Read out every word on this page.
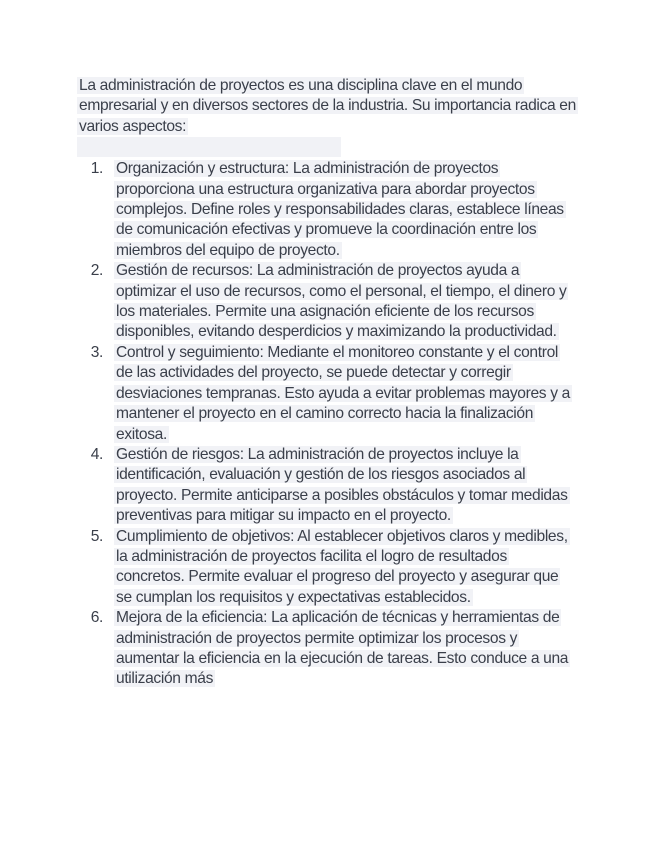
La administración de proyectos es una disciplina clave en el mundo empresarial y en diversos sectores de la industria. Su importancia radica en varios aspectos:

1. Organización y estructura: La administración de proyectos proporciona una estructura organizativa para abordar proyectos complejos. Define roles y responsabilidades claras, establece líneas de comunicación efectivas y promueve la coordinación entre los miembros del equipo de proyecto.
2. Gestión de recursos: La administración de proyectos ayuda a optimizar el uso de recursos, como el personal, el tiempo, el dinero y los materiales. Permite una asignación eficiente de los recursos disponibles, evitando desperdicios y maximizando la productividad.
3. Control y seguimiento: Mediante el monitoreo constante y el control de las actividades del proyecto, se puede detectar y corregir desviaciones tempranas. Esto ayuda a evitar problemas mayores y a mantener el proyecto en el camino correcto hacia la finalización exitosa.
4. Gestión de riesgos: La administración de proyectos incluye la identificación, evaluación y gestión de los riesgos asociados al proyecto. Permite anticiparse a posibles obstáculos y tomar medidas preventivas para mitigar su impacto en el proyecto.
5. Cumplimiento de objetivos: Al establecer objetivos claros y medibles, la administración de proyectos facilita el logro de resultados concretos. Permite evaluar el progreso del proyecto y asegurar que se cumplan los requisitos y expectativas establecidos.
6. Mejora de la eficiencia: La aplicación de técnicas y herramientas de administración de proyectos permite optimizar los procesos y aumentar la eficiencia en la ejecución de tareas. Esto conduce a una utilización más
